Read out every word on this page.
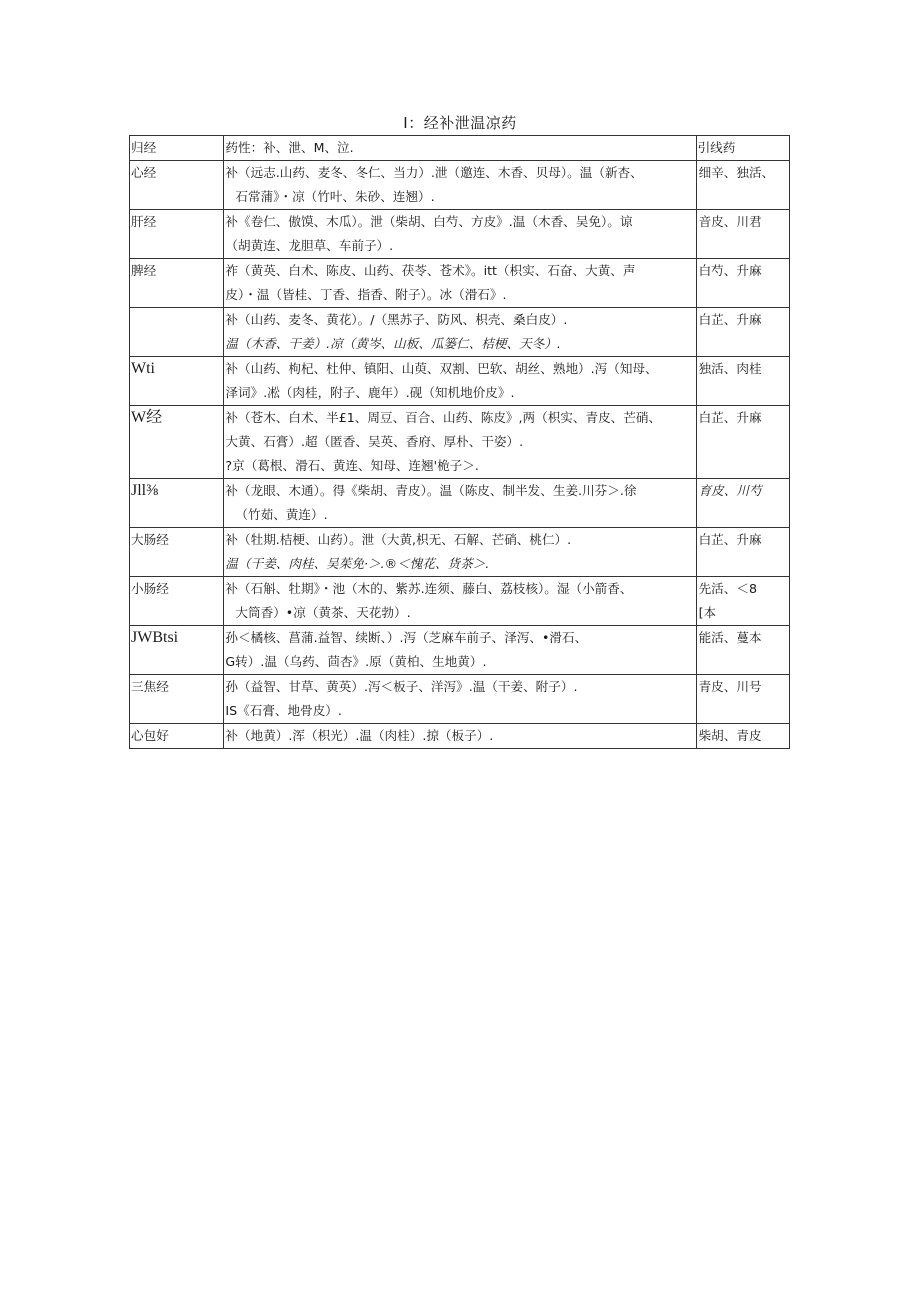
I：经补泄温凉药
归经	药性：补、泄、M、泣.	引线药

心经	补（远志.山药、麦冬、冬仁、当力）.泄（邀连、木香、贝母）。温（新杏、
石常蒲》・凉（竹叶、朱砂、连翘）.	细辛、独活、

肝经	补《卷仁、傲馍、木瓜）。泄（柴胡、白芍、方皮》.温（木香、吴免）。谅
（胡黄连、龙胆草、车前子）.	音皮、川君

脾经	祚（黄英、白术、陈皮、山药、茯苓、苍术》。itt（枳实、石奋、大黄、声
皮）・温（皆桂、丁香、指香、附子）。冰（滑石》.	白芍、升麻

	补（山药、麦冬、黄花）。/（黑苏子、防风、枳壳、桑白皮）.
温（木香、干姜）.凉（黄岑、山板、瓜篓仁、桔梗、天冬）.	白芷、升麻

Wti	补（山药、枸杞、杜仲、镇阳、山萸、双割、巴软、胡丝、熟地）.泻（知母、
泽词》.凇（肉桂，附子、鹿年）.砚（知机地价皮》.	独活、肉桂

W经	补（苍木、白术、半£1、周豆、百合、山药、陈皮》,两（枳实、青皮、芒硝、
大黄、石膏）.超（匿香、吴英、香府、厚朴、干姿）.
?京（葛根、滑石、黄连、知母、连翘'桅子＞.	白芷、升麻

Jll⅜	补（龙眼、木通）。得《柴胡、青皮）。温（陈皮、制半发、生姜.川芬＞.徐
（竹茹、黄连）.	育皮、川芍

大肠经	补（牡期.桔梗、山药）。泄（大黄,枳无、石解、芒硝、桃仁）.
温（干姜、肉桂、吴茱免·＞.®＜愧花、货茶＞.	白芷、升麻

小肠经	补（石斛、牡期》・池（木的、紫苏.连须、藤白、荔枝核）。湿（小箭香、
大筒香）•凉（黄茶、天花勃）.	先活、＜8
[本

JWBtsi	孙＜橘核、菖蒲.益智、续断、）.泻（芝麻车前子、泽泻、•滑石、
G转）.温（乌药、茴杏》.原（黄柏、生地黄）.	能活、蔓本

三焦经	孙（益智、甘草、黄英）.泻＜板子、洋泻》.温（干姜、附子）.
IS《石膏、地骨皮）.	青皮、川号

心包好	补（地黄）.浑（枳光）.温（肉桂）.掠（板子）.	柴胡、青皮
